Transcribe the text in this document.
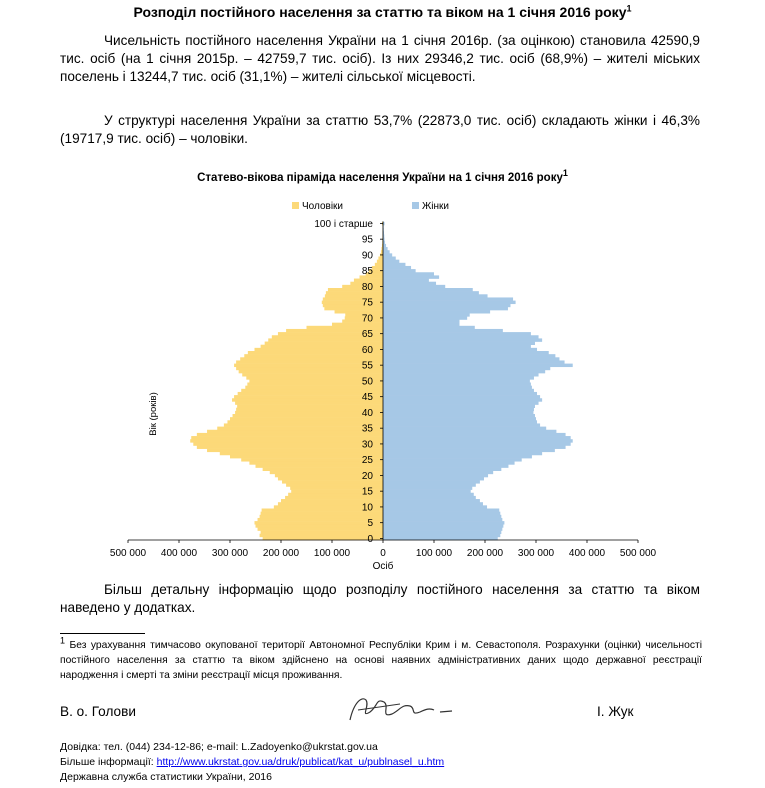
Розподіл постійного населення за статтю та віком на 1 січня 2016 року$^1$
Чисельність постійного населення України на 1 січня 2016р. (за оцінкою) становила 42590,9 тис. осіб (на 1 січня 2015р. – 42759,7 тис. осіб). Із них 29346,2 тис. осіб (68,9%) – жителі міських поселень і 13244,7 тис. осіб (31,1%) – жителі сільської місцевості.
У структурі населення України за статтю 53,7% (22873,0 тис. осіб) складають жінки і 46,3% (19717,9 тис. осіб) – чоловіки.
Статево-вікова піраміда населення України на 1 січня 2016 року$^1$
500 000 400 000 300 000 200 000 100 000	0	100 000 200 000 300 000 400 000 500 000
0
5
10
15
20
25
30
35
40
45
50
55
60
65
70
75
80
85
90
95
100 і старше
Осіб
Вік (років)
Чоловіки	Жінки
Більш детальну інформацію щодо розподілу постійного населення за статтю та віком наведено у додатках.
$^1$ Без урахування тимчасово окупованої території Автономної Республіки Крим і м. Севастополя. Розрахунки (оцінки) чисельності постійного населення за статтю та віком здійснено на основі наявних адміністративних даних щодо державної реєстрації народження і смерті та зміни реєстрації місця проживання.
В. о. Голови	І. Жук
Довідка: тел. (044) 234-12-86; e-mail: L.Zadoyenko@ukrstat.gov.ua
Більше інформації: http://www.ukrstat.gov.ua/druk/publicat/kat_u/publnasel_u.htm
Державна служба статистики України, 2016
